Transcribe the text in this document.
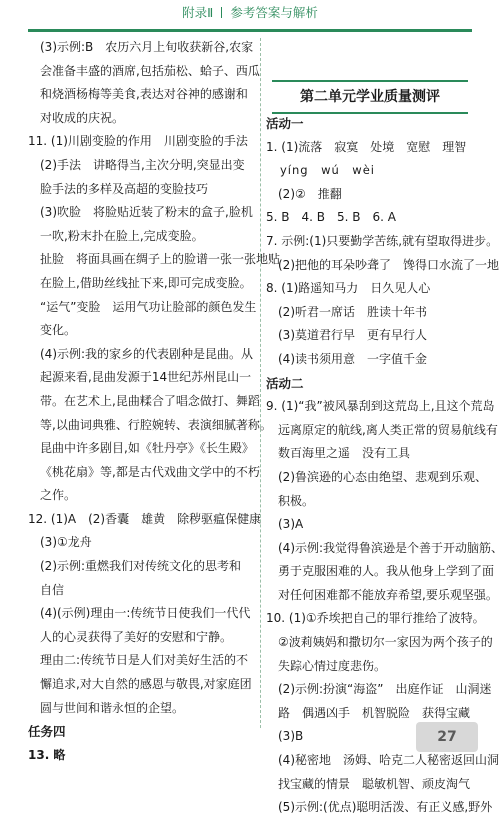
附录Ⅱ 参考答案与解析
(3)示例:B　农历六月上旬收获新谷,农家
会准备丰盛的酒席,包括茄松、蛤子、西瓜
和烧酒杨梅等美食,表达对谷神的感谢和
对收成的庆祝。
11. (1)川剧变脸的作用　川剧变脸的手法
(2)手法　讲略得当,主次分明,突显出变
脸手法的多样及高超的变脸技巧
(3)吹脸　将脸贴近装了粉末的盒子,脸机
一吹,粉末扑在脸上,完成变脸。
扯脸　将面具画在绸子上的脸谱一张一张地贴
在脸上,借助丝线扯下来,即可完成变脸。
“运气”变脸　运用气功让脸部的颜色发生
变化。
(4)示例:我的家乡的代表剧种是昆曲。从
起源来看,昆曲发源于14世纪苏州昆山一
带。在艺术上,昆曲糅合了唱念做打、舞蹈
等,以曲词典雅、行腔婉转、表演细腻著称。
昆曲中许多剧目,如《牡丹亭》《长生殿》
《桃花扇》等,都是古代戏曲文学中的不朽
之作。
12. (1)A　(2)香囊　雄黄　除秽驱瘟保健康
(3)①龙舟
(2)示例:重燃我们对传统文化的思考和
自信
(4)(示例)理由一:传统节日使我们一代代
人的心灵获得了美好的安慰和宁静。
理由二:传统节日是人们对美好生活的不
懈追求,对大自然的感恩与敬畏,对家庭团
圆与世间和谐永恒的企望。
任务四
13. 略
第二单元学业质量测评
活动一
1. (1)流落　寂寞　处境　宽慰　理智
yíng　wú　wèi
(2)②　推翻
5. B　4. B　5. B　6. A
7. 示例:(1)只要勤学苦练,就有望取得进步。
(2)把他的耳朵吵聋了　馋得口水流了一地
8. (1)路遥知马力　日久见人心
(2)听君一席话　胜读十年书
(3)莫道君行早　更有早行人
(4)读书须用意　一字值千金
活动二
9. (1)“我”被风暴刮到这荒岛上,且这个荒岛
远离原定的航线,离人类正常的贸易航线有
数百海里之遥　没有工具
(2)鲁滨逊的心态由绝望、悲观到乐观、
积极。
(3)A
(4)示例:我觉得鲁滨逊是个善于开动脑筋、
勇于克服困难的人。我从他身上学到了面
对任何困难都不能放弃希望,要乐观坚强。
10. (1)①乔埃把自己的罪行推给了波特。
②波莉姨妈和撒切尔一家因为两个孩子的
失踪心情过度悲伤。
(2)示例:扮演“海盗”　出庭作证　山洞迷
路　偶遇凶手　机智脱险　获得宝藏
(3)B
(4)秘密地　汤姆、哈克二人秘密返回山洞
找宝藏的情景　聪敏机智、顽皮淘气
(5)示例:(优点)聪明活泼、有正义感,野外
27
